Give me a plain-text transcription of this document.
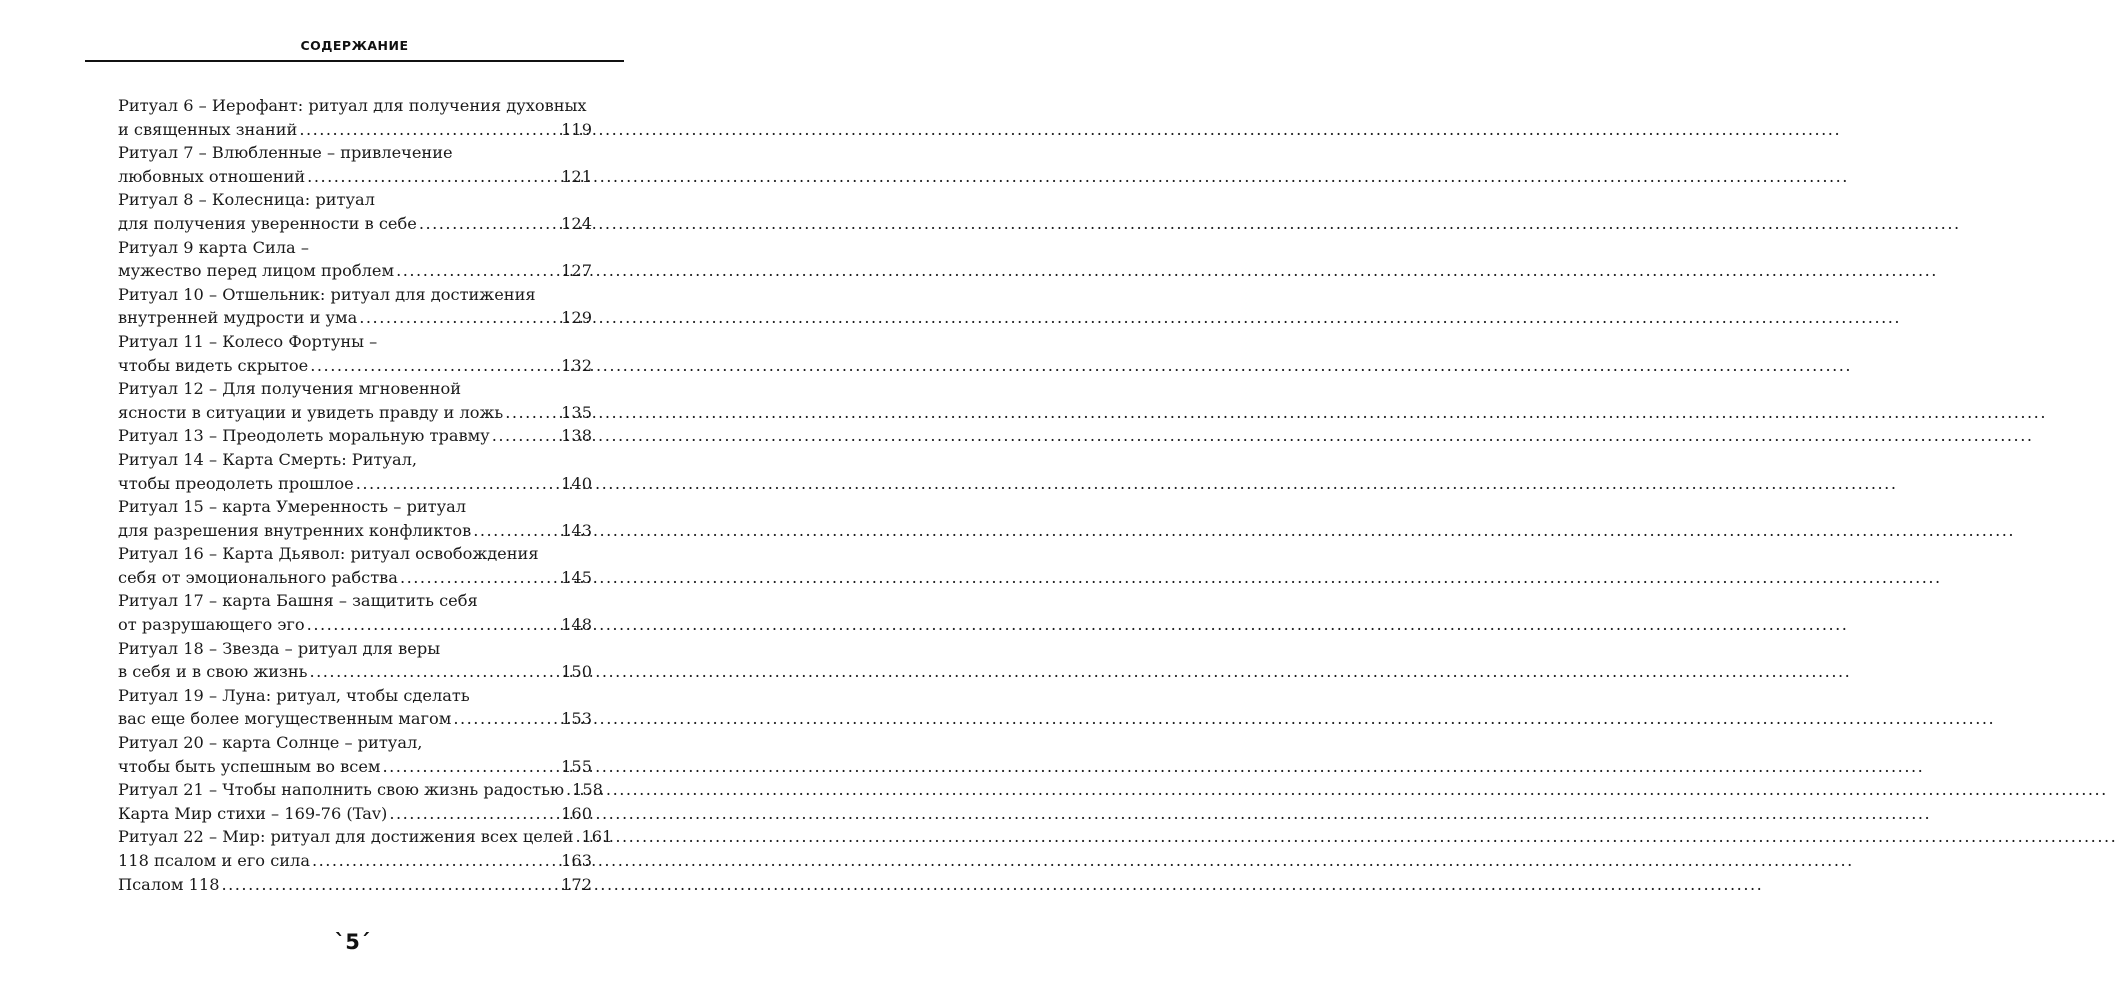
СОДЕРЖАНИЕ
Ритуал 6 – Иерофант: ритуал для получения духовных
и священных знаний .....	119
Ритуал 7 – Влюбленные – привлечение
любовных отношений .....	121
Ритуал 8 – Колесница: ритуал
для получения уверенности в себе .....	124
Ритуал 9 карта Сила –
мужество перед лицом проблем .....	127
Ритуал 10 – Отшельник: ритуал для достижения
внутренней мудрости и ума .....	129
Ритуал 11 – Колесо Фортуны –
чтобы видеть скрытое .....	132
Ритуал 12 – Для получения мгновенной
ясности в ситуации и увидеть правду и ложь .....	135
Ритуал 13 – Преодолеть моральную травму .....	138
Ритуал 14 – Карта Смерть: Ритуал,
чтобы преодолеть прошлое .....	140
Ритуал 15 – карта Умеренность – ритуал
для разрешения внутренних конфликтов .....	143
Ритуал 16 – Карта Дьявол: ритуал освобождения
себя от эмоционального рабства .....	145
Ритуал 17 – карта Башня – защитить себя
от разрушающего эго .....	148
Ритуал 18 – Звезда – ритуал для веры
в себя и в свою жизнь .....	150
Ритуал 19 – Луна: ритуал, чтобы сделать
вас еще более могущественным магом .....	153
Ритуал 20 – карта Солнце – ритуал,
чтобы быть успешным во всем .....	155
Ритуал 21 – Чтобы наполнить свою жизнь радостью ..... 158
Карта Мир стихи – 169-76 (Tav) .....	160
Ритуал 22 – Мир: ритуал для достижения всех целей ..... 161
118 псалом и его сила .....	163
Псалом 118 .....	172
`5´
